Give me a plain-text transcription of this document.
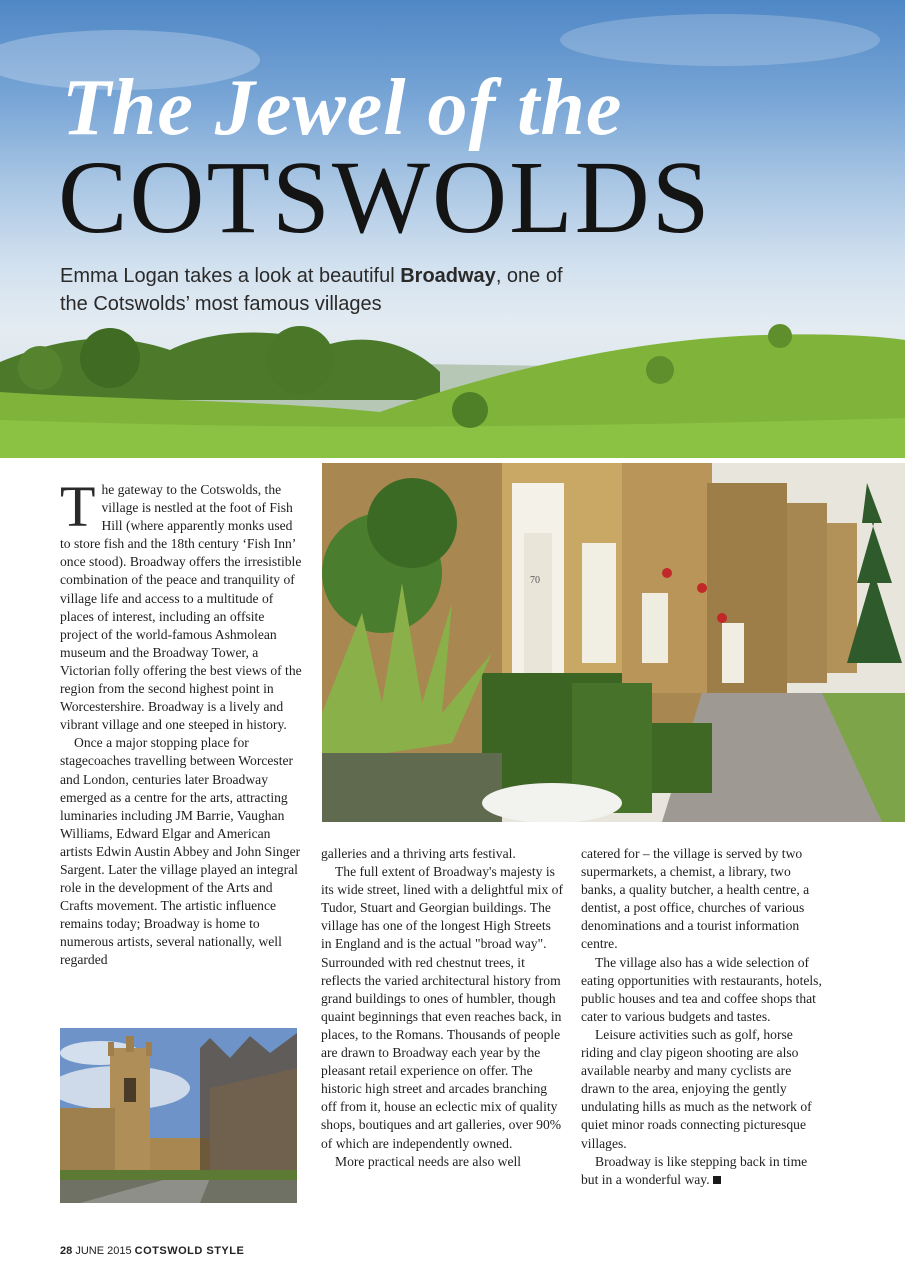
The Jewel of the
COTSWOLDS
Emma Logan takes a look at beautiful Broadway, one of the Cotswolds’ most famous villages

The gateway to the Cotswolds, the village is nestled at the foot of Fish Hill (where apparently monks used to store fish and the 18th century ‘Fish Inn’ once stood). Broadway offers the irresistible combination of the peace and tranquility of village life and access to a multitude of places of interest, including an offsite project of the world-famous Ashmolean museum and the Broadway Tower, a Victorian folly offering the best views of the region from the second highest point in Worcestershire. Broadway is a lively and vibrant village and one steeped in history.

Once a major stopping place for stagecoaches travelling between Worcester and London, centuries later Broadway emerged as a centre for the arts, attracting luminaries including JM Barrie, Vaughan Williams, Edward Elgar and American artists Edwin Austin Abbey and John Singer Sargent. Later the village played an integral role in the development of the Arts and Crafts movement. The artistic influence remains today; Broadway is home to numerous artists, several nationally, well regarded

70

galleries and a thriving arts festival.

The full extent of Broadway's majesty is its wide street, lined with a delightful mix of Tudor, Stuart and Georgian buildings. The village has one of the longest High Streets in England and is the actual "broad way". Surrounded with red chestnut trees, it reflects the varied architectural history from grand buildings to ones of humbler, though quaint beginnings that even reaches back, in places, to the Romans. Thousands of people are drawn to Broadway each year by the pleasant retail experience on offer. The historic high street and arcades branching off from it, house an eclectic mix of quality shops, boutiques and art galleries, over 90% of which are independently owned.

More practical needs are also well

catered for – the village is served by two supermarkets, a chemist, a library, two banks, a quality butcher, a health centre, a dentist, a post office, churches of various denominations and a tourist information centre.

The village also has a wide selection of eating opportunities with restaurants, hotels, public houses and tea and coffee shops that cater to various budgets and tastes.

Leisure activities such as golf, horse riding and clay pigeon shooting are also available nearby and many cyclists are drawn to the area, enjoying the gently undulating hills as much as the network of quiet minor roads connecting picturesque villages.

Broadway is like stepping back in time but in a wonderful way.

28 JUNE 2015 COTSWOLD STYLE
